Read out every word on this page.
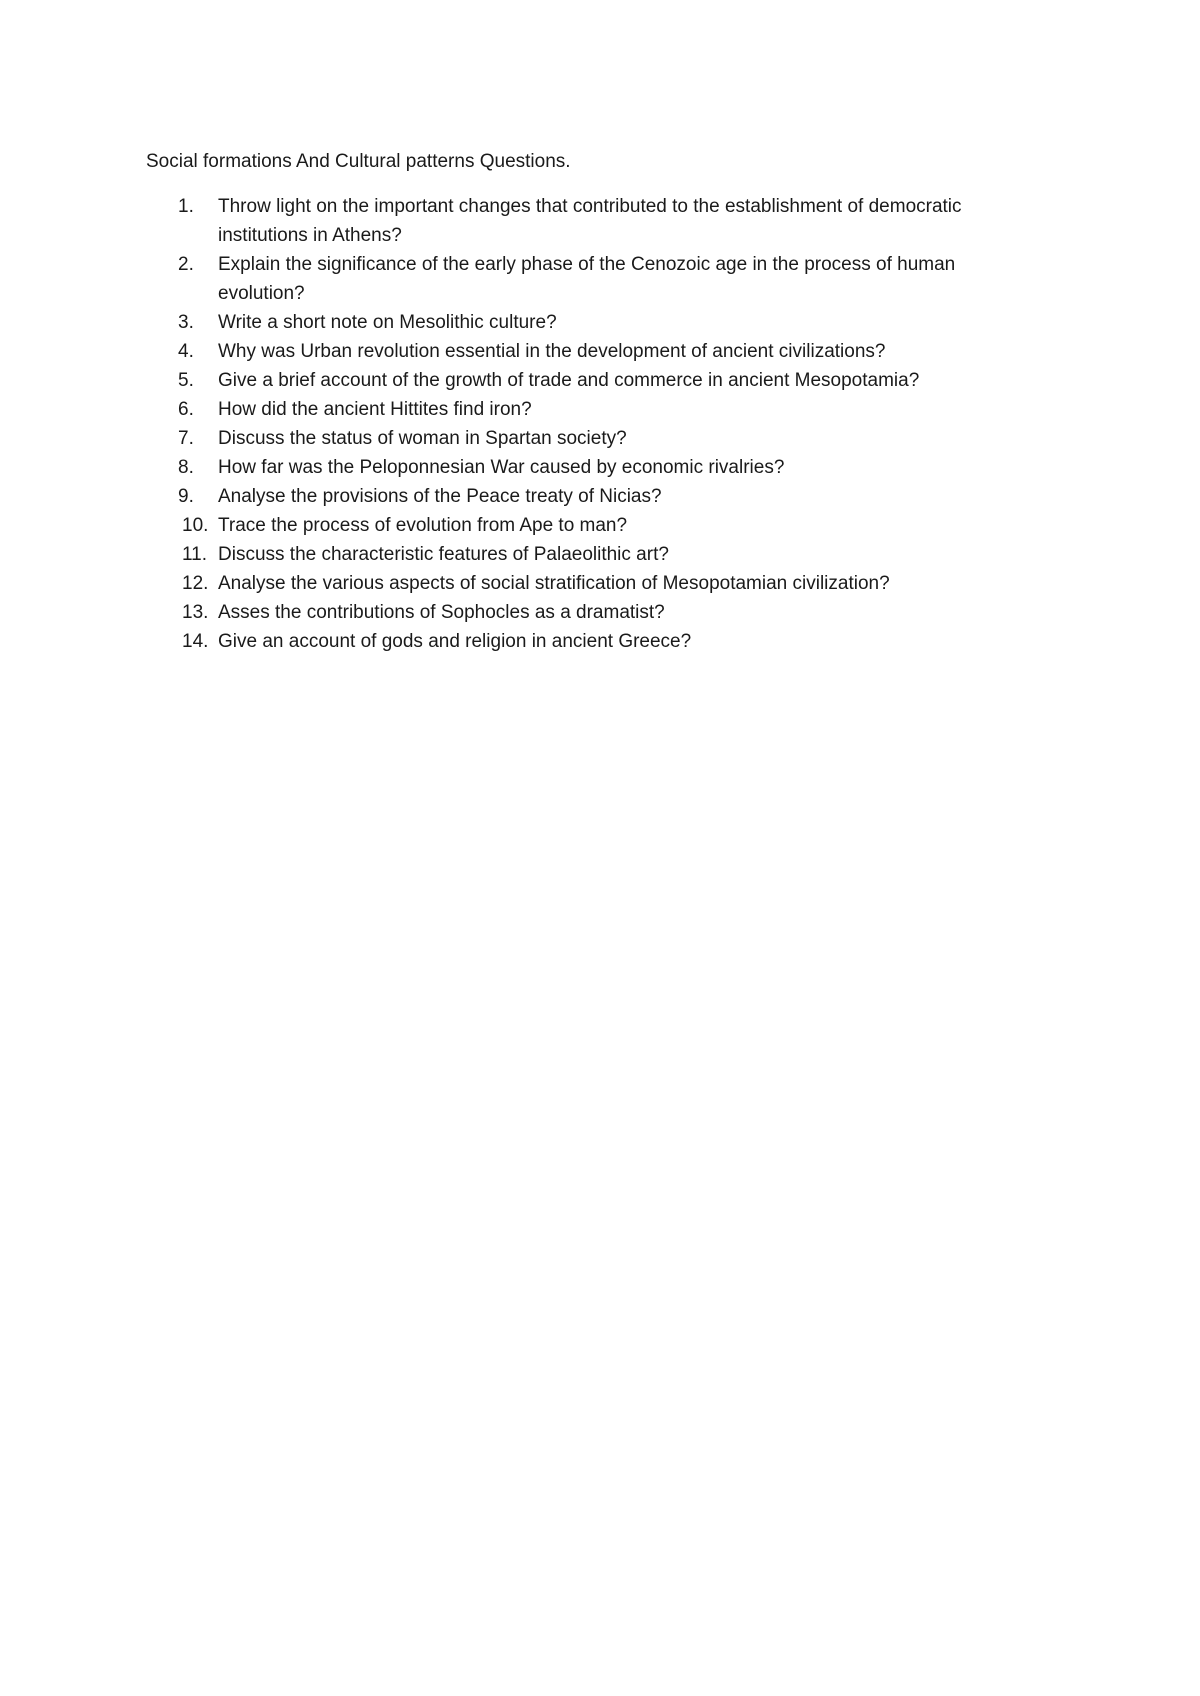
Social formations And Cultural patterns Questions.
1.	Throw light on the important changes that contributed to the establishment of democratic institutions in Athens?
2.	Explain the significance of the early phase of the Cenozoic age in the process of human evolution?
3.	Write a short note on Mesolithic culture?
4.	Why was Urban revolution essential in the development of ancient civilizations?
5.	Give a brief account of the growth of trade and commerce in ancient Mesopotamia?
6.	How did the ancient Hittites find iron?
7.	Discuss the status of woman in Spartan society?
8.	How far was the Peloponnesian War caused by economic rivalries?
9.	Analyse the provisions of the Peace treaty of Nicias?
10. Trace the process of evolution from Ape to man?
11. Discuss the characteristic features of Palaeolithic art?
12. Analyse the various aspects of social stratification of Mesopotamian civilization?
13. Asses the contributions of Sophocles as a dramatist?
14. Give an account of gods and religion in ancient Greece?
